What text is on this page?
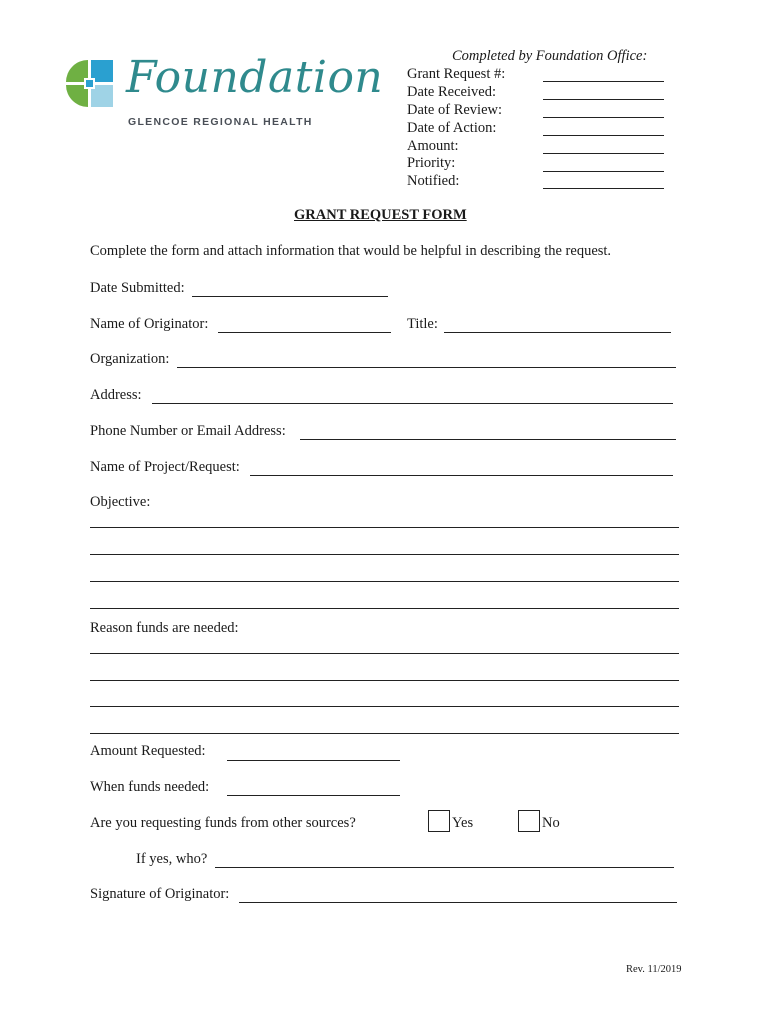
Foundation
GLENCOE REGIONAL HEALTH
Completed by Foundation Office:
Grant Request #:
Date Received:
Date of Review:
Date of Action:
Amount:
Priority:
Notified:
GRANT REQUEST FORM
Complete the form and attach information that would be helpful in describing the request.
Date Submitted:
Name of Originator:	Title:
Organization:
Address:
Phone Number or Email Address:
Name of Project/Request:
Objective:
Reason funds are needed:
Amount Requested:
When funds needed:
Are you requesting funds from other sources?	Yes	No
If yes, who?
Signature of Originator:
Rev. 11/2019
